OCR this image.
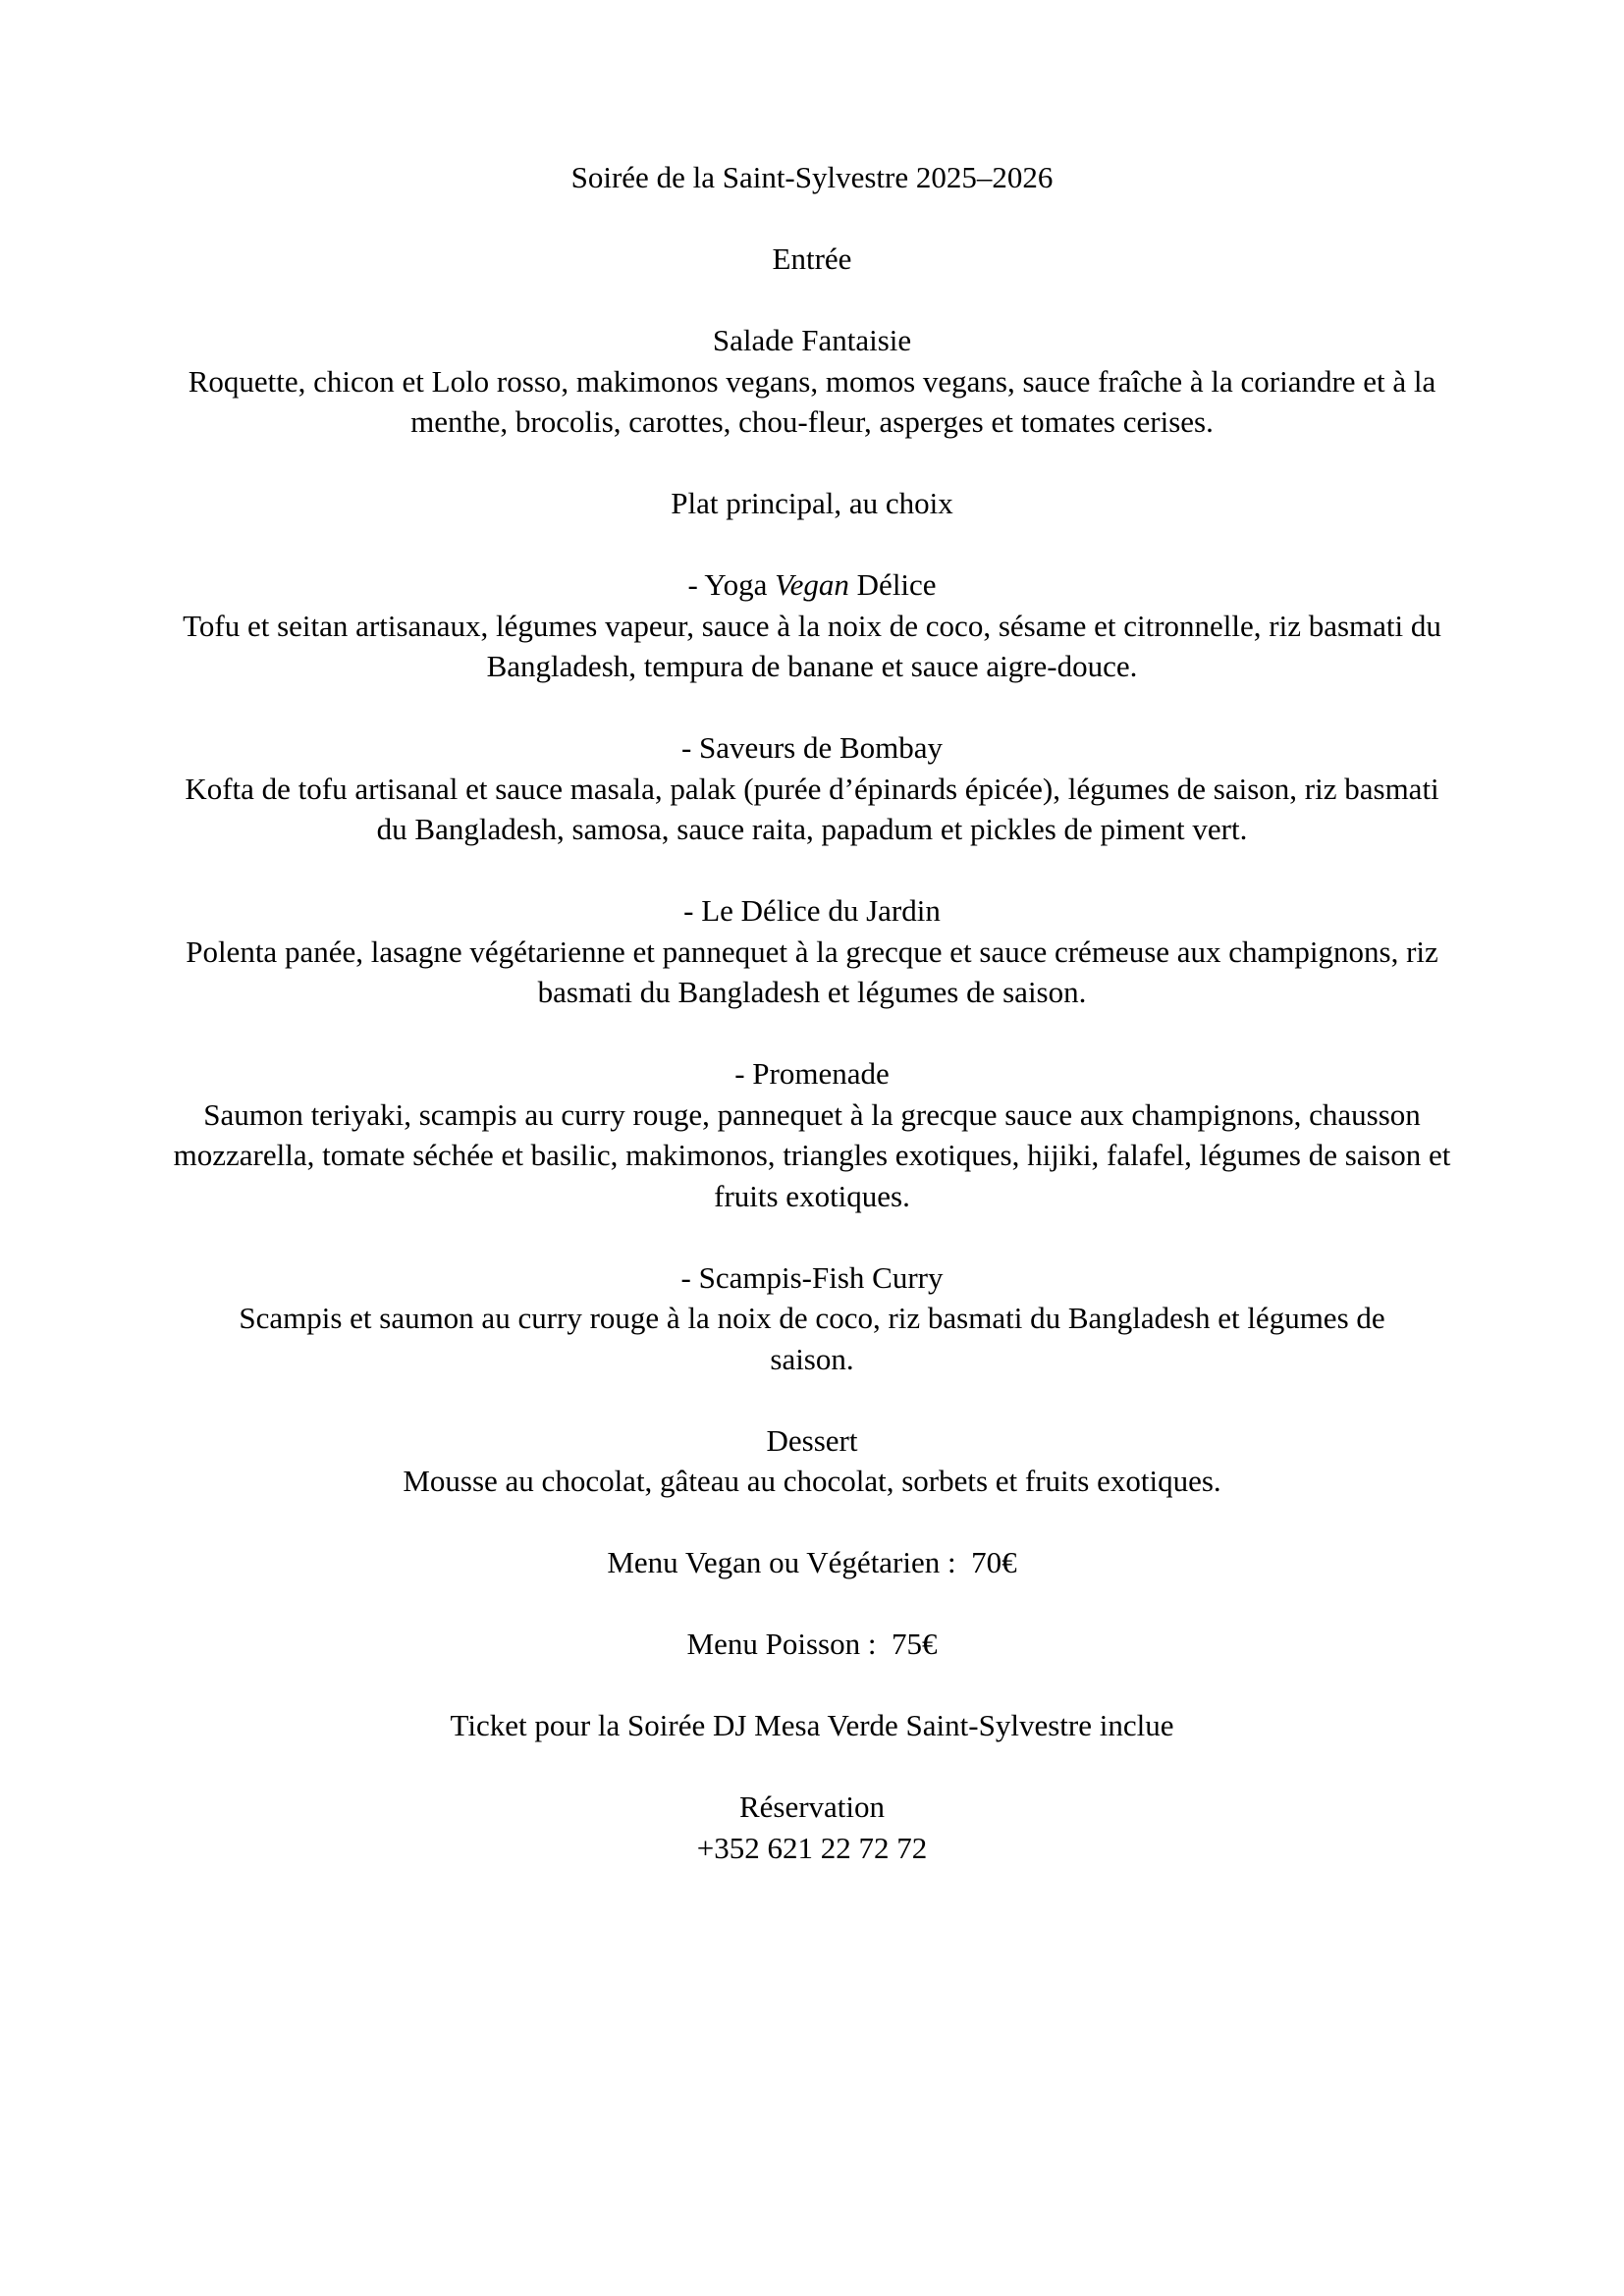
Soirée de la Saint-Sylvestre 2025–2026
Entrée
Salade Fantaisie
Roquette, chicon et Lolo rosso, makimonos vegans, momos vegans, sauce fraîche à la coriandre et à la menthe, brocolis, carottes, chou-fleur, asperges et tomates cerises.
Plat principal, au choix
- Yoga Vegan Délice
Tofu et seitan artisanaux, légumes vapeur, sauce à la noix de coco, sésame et citronnelle, riz basmati du Bangladesh, tempura de banane et sauce aigre-douce.
- Saveurs de Bombay
Kofta de tofu artisanal et sauce masala, palak (purée d’épinards épicée), légumes de saison, riz basmati du Bangladesh, samosa, sauce raita, papadum et pickles de piment vert.
- Le Délice du Jardin
Polenta panée, lasagne végétarienne et pannequet à la grecque et sauce crémeuse aux champignons, riz basmati du Bangladesh et légumes de saison.
- Promenade
Saumon teriyaki, scampis au curry rouge, pannequet à la grecque sauce aux champignons, chausson mozzarella, tomate séchée et basilic, makimonos, triangles exotiques, hijiki, falafel, légumes de saison et fruits exotiques.
- Scampis-Fish Curry
Scampis et saumon au curry rouge à la noix de coco, riz basmati du Bangladesh et légumes de saison.
Dessert
Mousse au chocolat, gâteau au chocolat, sorbets et fruits exotiques.
Menu Vegan ou Végétarien :  70€
Menu Poisson :  75€
Ticket pour la Soirée DJ Mesa Verde Saint-Sylvestre inclue
Réservation
+352 621 22 72 72
